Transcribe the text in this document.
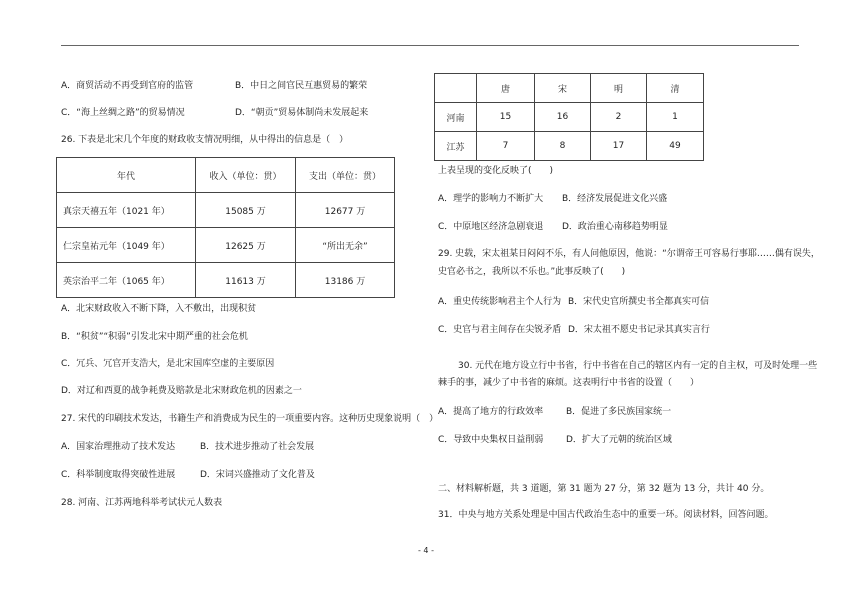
A．商贸活动不再受到官府的监管	B．中日之间官民互惠贸易的繁荣
C．“海上丝绸之路”的贸易情况	D．“朝贡”贸易体制尚未发展起来
26. 下表是北宋几个年度的财政收支情况明细，从中得出的信息是（　）
年代	收入（单位：贯）	支出（单位：贯）
真宗天禧五年（1021 年）	15085 万	12677 万
仁宗皇祐元年（1049 年）	12625 万	“所出无余”
英宗治平二年（1065 年）	11613 万	13186 万
A．北宋财政收入不断下降，入不敷出，出现积贫
B．“积贫”“积弱”引发北宋中期严重的社会危机
C．冗兵、冗官开支浩大，是北宋国库空虚的主要原因
D．对辽和西夏的战争耗费及赔款是北宋财政危机的因素之一
27. 宋代的印刷技术发达，书籍生产和消费成为民生的一项重要内容。这种历史现象说明（　）
A．国家治理推动了技术发达	B．技术进步推动了社会发展
C．科举制度取得突破性进展	D．宋词兴盛推动了文化普及
28. 河南、江苏两地科举考试状元人数表
	唐	宋	明	清
河南	15	16	2	1
江苏	7	8	17	49
上表呈现的变化反映了(　　)
A．理学的影响力不断扩大 B．经济发展促进文化兴盛
C．中原地区经济急剧衰退 D．政治重心南移趋势明显
29. 史载，宋太祖某日闷闷不乐，有人问他原因，他说：“尔谓帝王可容易行事耶……偶有误失，
史官必书之，我所以不乐也。”此事反映了(　　)
A．重史传统影响君主个人行为 B．宋代史官所撰史书全都真实可信
C．史官与君主间存在尖锐矛盾 D．宋太祖不愿史书记录其真实言行
30. 元代在地方设立行中书省，行中书省在自己的辖区内有一定的自主权，可及时处理一些
棘手的事，减少了中书省的麻烦。这表明行中书省的设置（　　）
A．提高了地方的行政效率	B．促进了多民族国家统一
C．导致中央集权日益削弱	D．扩大了元朝的统治区域
二、材料解析题，共 3 道题，第 31 题为 27 分，第 32 题为 13 分，共计 40 分。
31．中央与地方关系处理是中国古代政治生态中的重要一环。阅读材料，回答问题。
- 4 -
